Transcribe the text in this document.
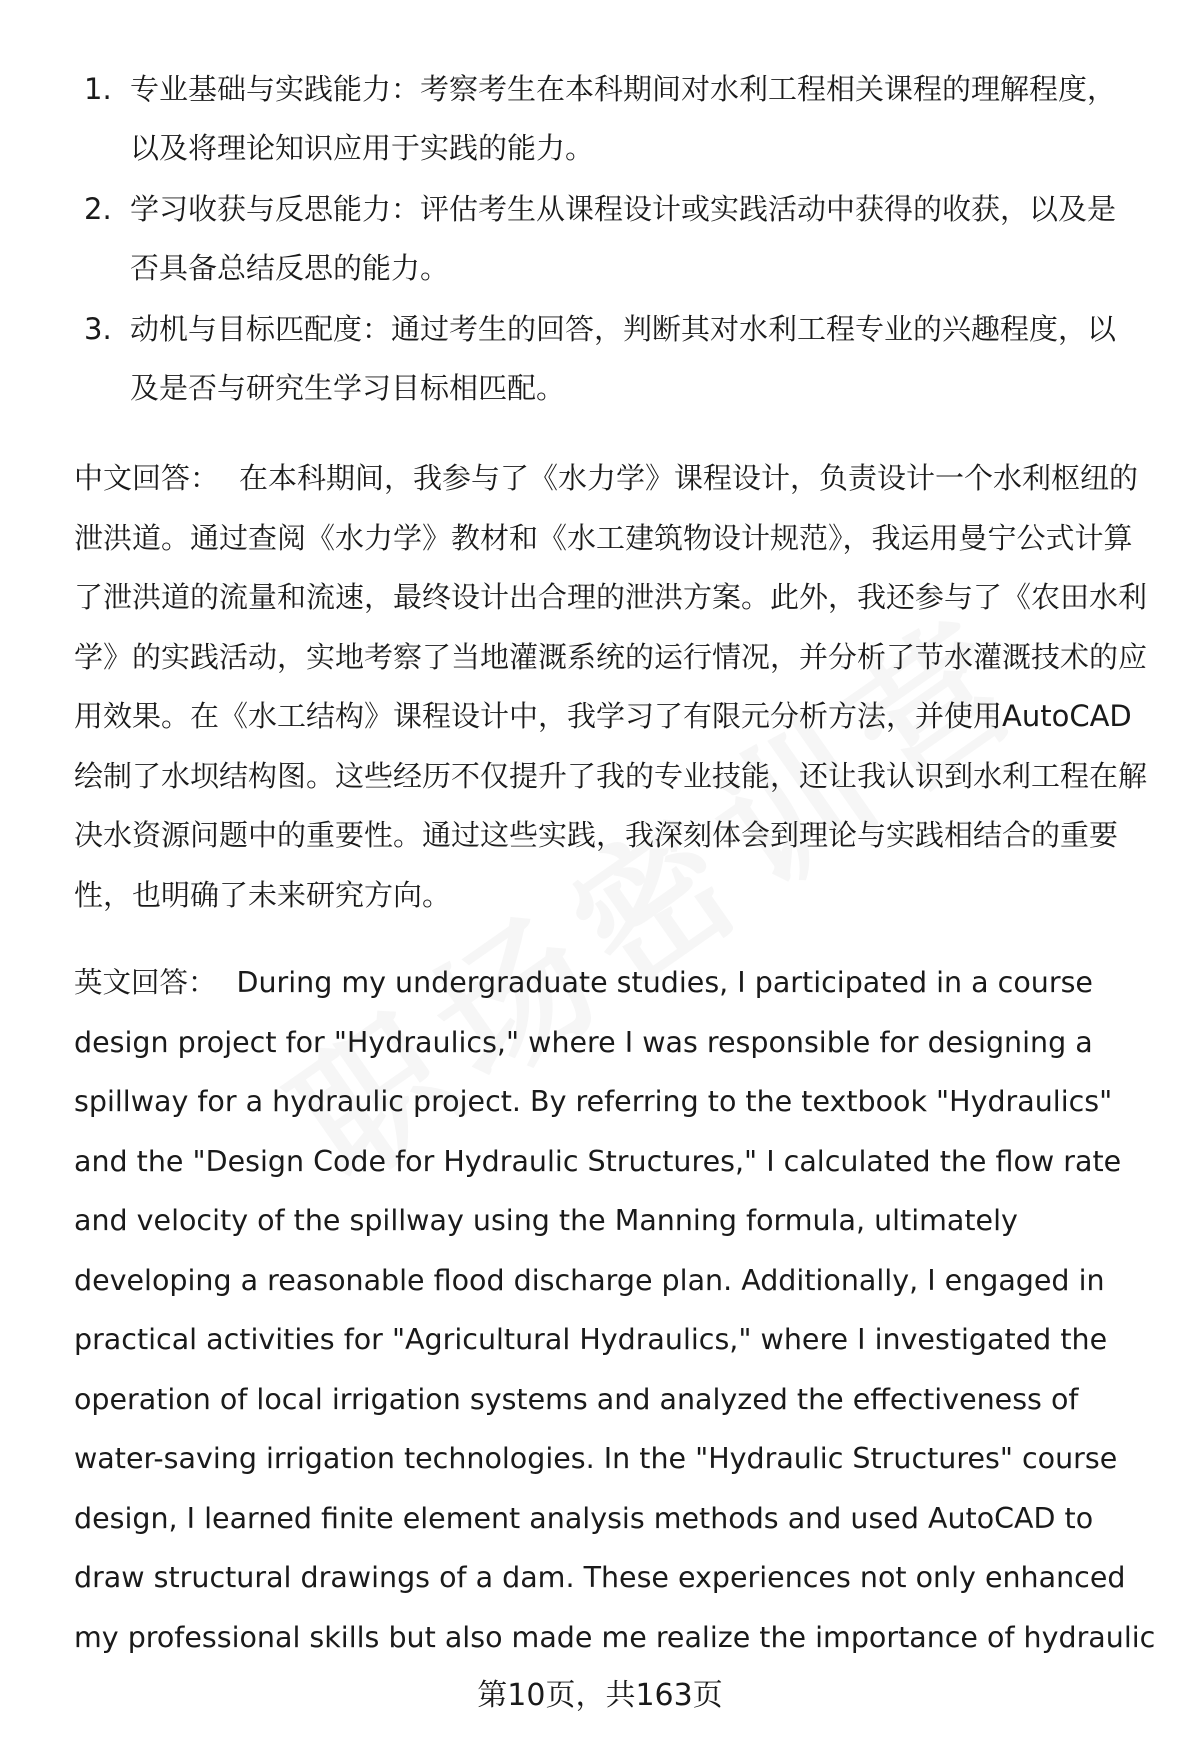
1. 专业基础与实践能力：考察考生在本科期间对水利工程相关课程的理解程度，以及将理论知识应用于实践的能力。
2. 学习收获与反思能力：评估考生从课程设计或实践活动中获得的收获，以及是否具备总结反思的能力。
3. 动机与目标匹配度：通过考生的回答，判断其对水利工程专业的兴趣程度，以及是否与研究生学习目标相匹配。

中文回答： 在本科期间，我参与了《水力学》课程设计，负责设计一个水利枢纽的泄洪道。通过查阅《水力学》教材和《水工建筑物设计规范》，我运用曼宁公式计算了泄洪道的流量和流速，最终设计出合理的泄洪方案。此外，我还参与了《农田水利学》的实践活动，实地考察了当地灌溉系统的运行情况，并分析了节水灌溉技术的应用效果。在《水工结构》课程设计中，我学习了有限元分析方法，并使用AutoCAD绘制了水坝结构图。这些经历不仅提升了我的专业技能，还让我认识到水利工程在解决水资源问题中的重要性。通过这些实践，我深刻体会到理论与实践相结合的重要性，也明确了未来研究方向。

英文回答： During my undergraduate studies, I participated in a course design project for "Hydraulics," where I was responsible for designing a spillway for a hydraulic project. By referring to the textbook "Hydraulics" and the "Design Code for Hydraulic Structures," I calculated the flow rate and velocity of the spillway using the Manning formula, ultimately developing a reasonable flood discharge plan. Additionally, I engaged in practical activities for "Agricultural Hydraulics," where I investigated the operation of local irrigation systems and analyzed the effectiveness of water-saving irrigation technologies. In the "Hydraulic Structures" course design, I learned finite element analysis methods and used AutoCAD to draw structural drawings of a dam. These experiences not only enhanced my professional skills but also made me realize the importance of hydraulic

第10页，共163页
